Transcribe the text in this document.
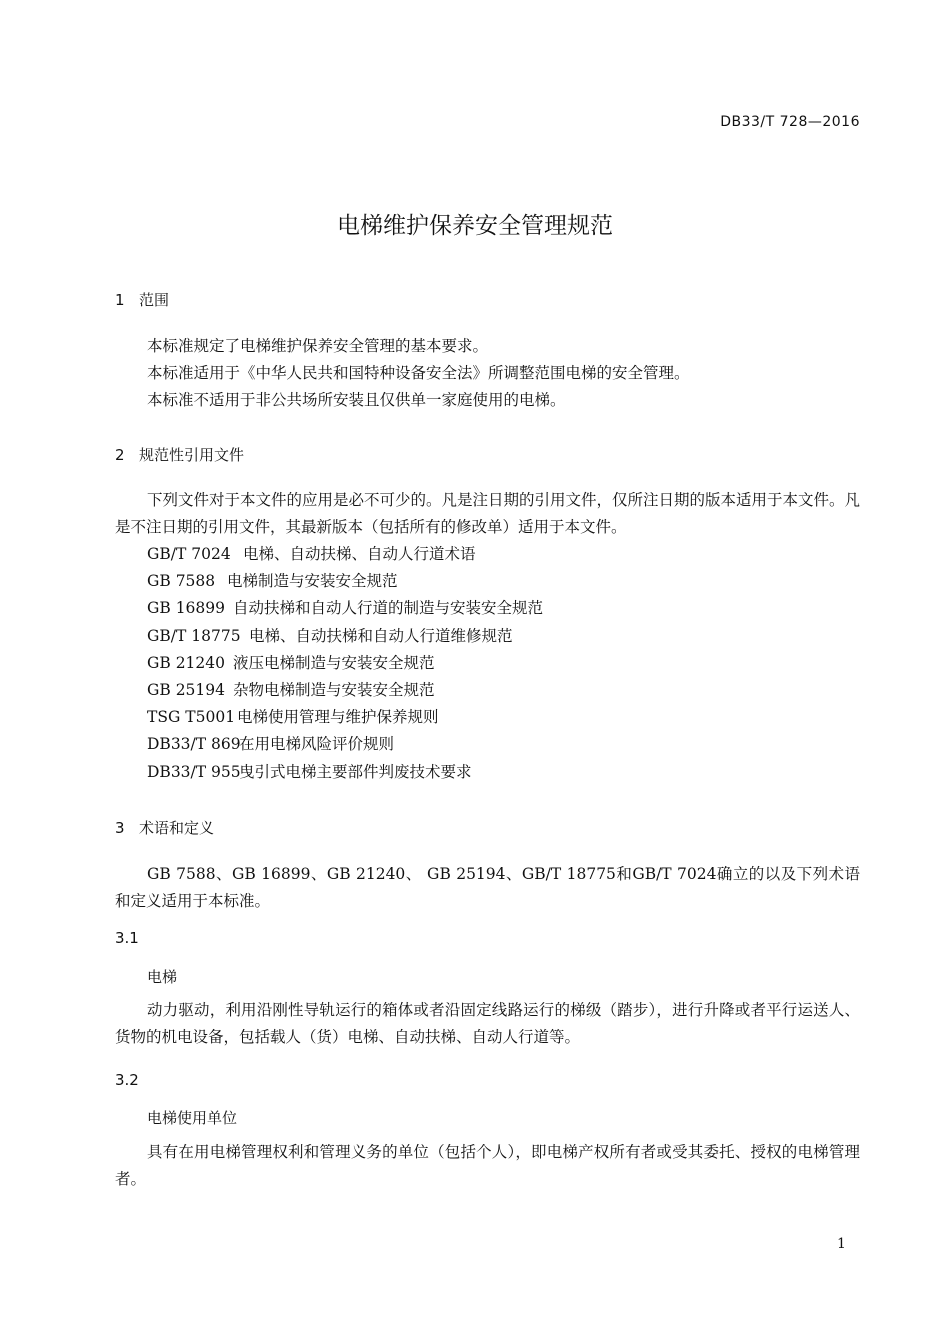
DB33/T 728—2016
电梯维护保养安全管理规范
1 范围
本标准规定了电梯维护保养安全管理的基本要求。
本标准适用于《中华人民共和国特种设备安全法》所调整范围电梯的安全管理。
本标准不适用于非公共场所安装且仅供单一家庭使用的电梯。
2 规范性引用文件
下列文件对于本文件的应用是必不可少的。凡是注日期的引用文件，仅所注日期的版本适用于本文件。凡是不注日期的引用文件，其最新版本（包括所有的修改单）适用于本文件。
GB/T 7024 电梯、自动扶梯、自动人行道术语
GB 7588 电梯制造与安装安全规范
GB 16899 自动扶梯和自动人行道的制造与安装安全规范
GB/T 18775 电梯、自动扶梯和自动人行道维修规范
GB 21240 液压电梯制造与安装安全规范
GB 25194 杂物电梯制造与安装安全规范
TSG T5001 电梯使用管理与维护保养规则
DB33/T 869在用电梯风险评价规则
DB33/T 955曳引式电梯主要部件判废技术要求
3 术语和定义
GB 7588、GB 16899、GB 21240、 GB 25194、GB/T 18775和GB/T 7024确立的以及下列术语和定义适用于本标准。
3.1
电梯
动力驱动，利用沿刚性导轨运行的箱体或者沿固定线路运行的梯级（踏步），进行升降或者平行运送人、货物的机电设备，包括载人（货）电梯、自动扶梯、自动人行道等。
3.2
电梯使用单位
具有在用电梯管理权利和管理义务的单位（包括个人），即电梯产权所有者或受其委托、授权的电梯管理者。
1
